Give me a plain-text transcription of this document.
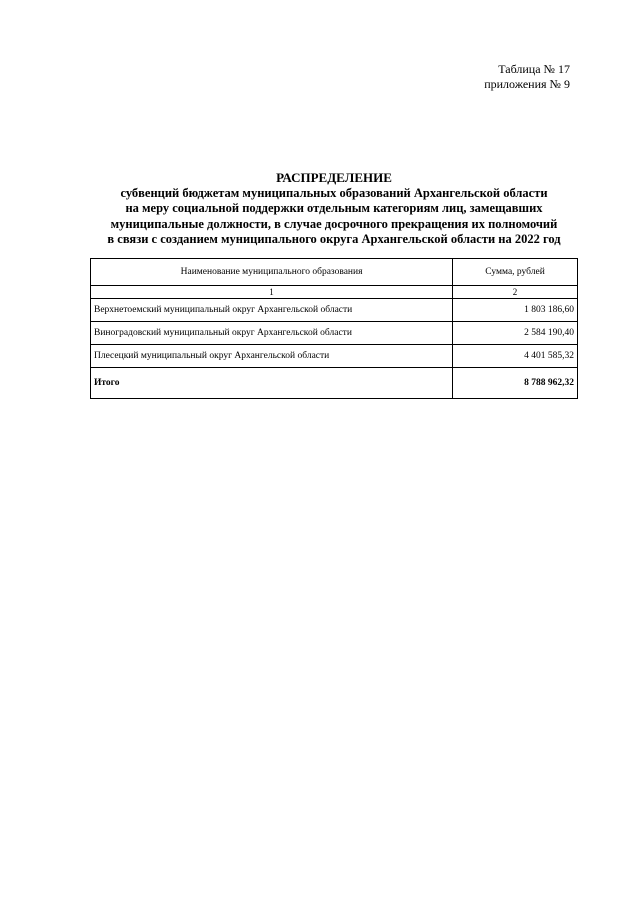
Таблица № 17
приложения № 9
РАСПРЕДЕЛЕНИЕ
субвенций бюджетам муниципальных образований Архангельской области
на меру социальной поддержки отдельным категориям лиц, замещавших
муниципальные должности, в случае досрочного прекращения их полномочий
в связи с созданием муниципального округа Архангельской области на 2022 год
Наименование муниципального образования	Сумма, рублей
1	2
Верхнетоемский муниципальный округ Архангельской области	1 803 186,60
Виноградовский муниципальный округ Архангельской области	2 584 190,40
Плесецкий муниципальный округ Архангельской области	4 401 585,32
Итого	8 788 962,32
